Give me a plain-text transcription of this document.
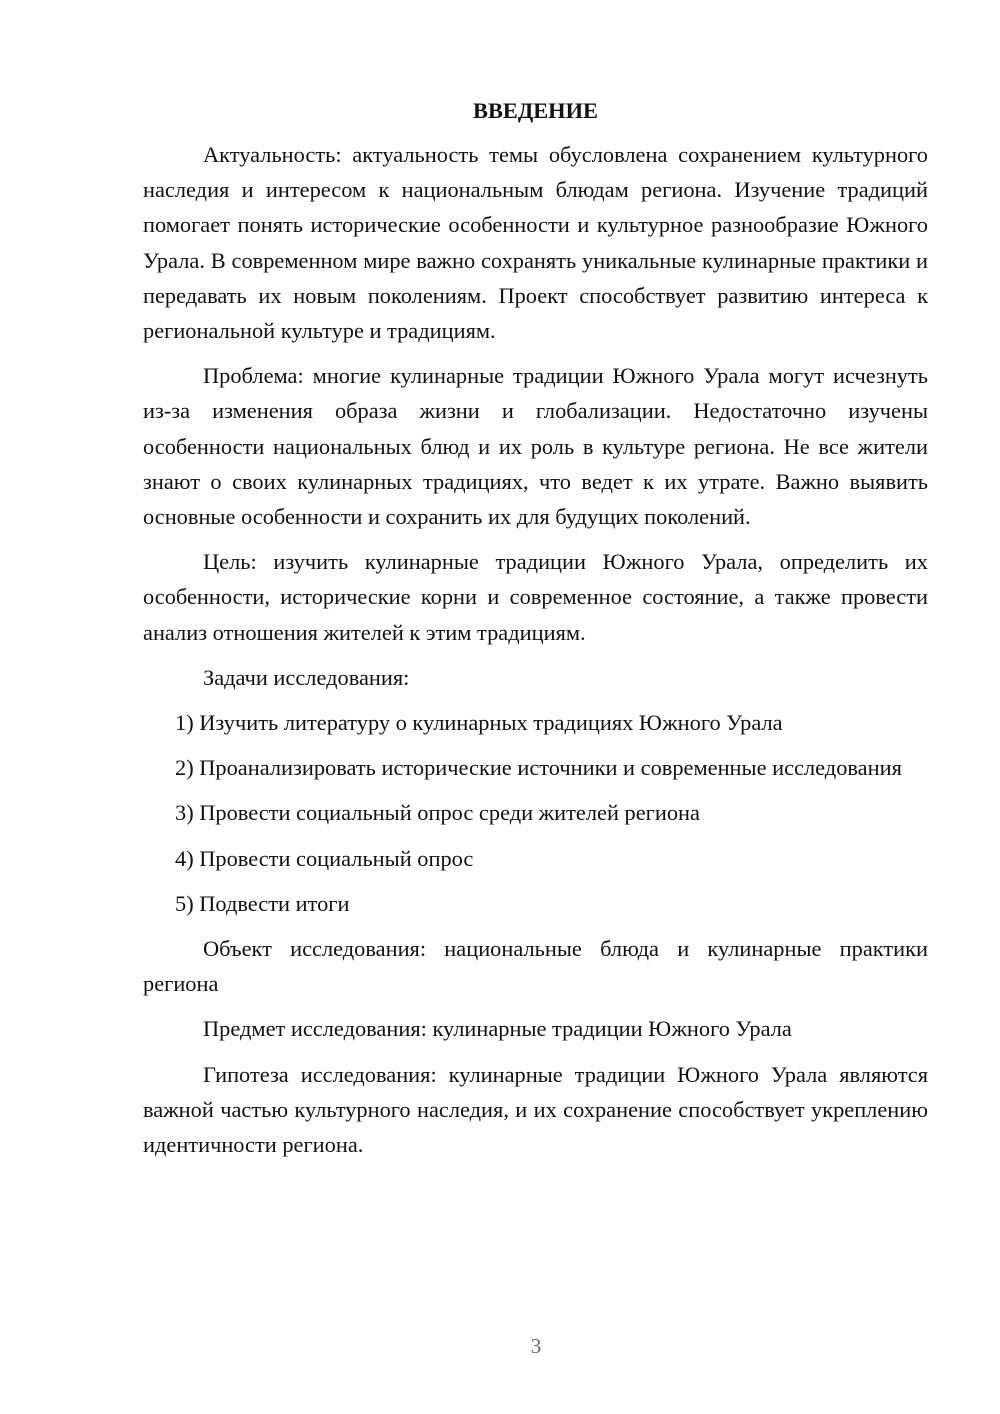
ВВЕДЕНИЕ

Актуальность: актуальность темы обусловлена сохранением культурного наследия и интересом к национальным блюдам региона. Изучение традиций помогает понять исторические особенности и культурное разнообразие Южного Урала. В современном мире важно сохранять уникальные кулинарные практики и передавать их новым поколениям. Проект способствует развитию интереса к региональной культуре и традициям.

Проблема: многие кулинарные традиции Южного Урала могут исчезнуть из-за изменения образа жизни и глобализации. Недостаточно изучены особенности национальных блюд и их роль в культуре региона. Не все жители знают о своих кулинарных традициях, что ведет к их утрате. Важно выявить основные особенности и сохранить их для будущих поколений.

Цель: изучить кулинарные традиции Южного Урала, определить их особенности, исторические корни и современное состояние, а также провести анализ отношения жителей к этим традициям.

Задачи исследования:

1) Изучить литературу о кулинарных традициях Южного Урала

2) Проанализировать исторические источники и современные исследования

3) Провести социальный опрос среди жителей региона

4) Провести социальный опрос

5) Подвести итоги

Объект исследования: национальные блюда и кулинарные практики региона

Предмет исследования: кулинарные традиции Южного Урала

Гипотеза исследования: кулинарные традиции Южного Урала являются важной частью культурного наследия, и их сохранение способствует укреплению идентичности региона.

3
